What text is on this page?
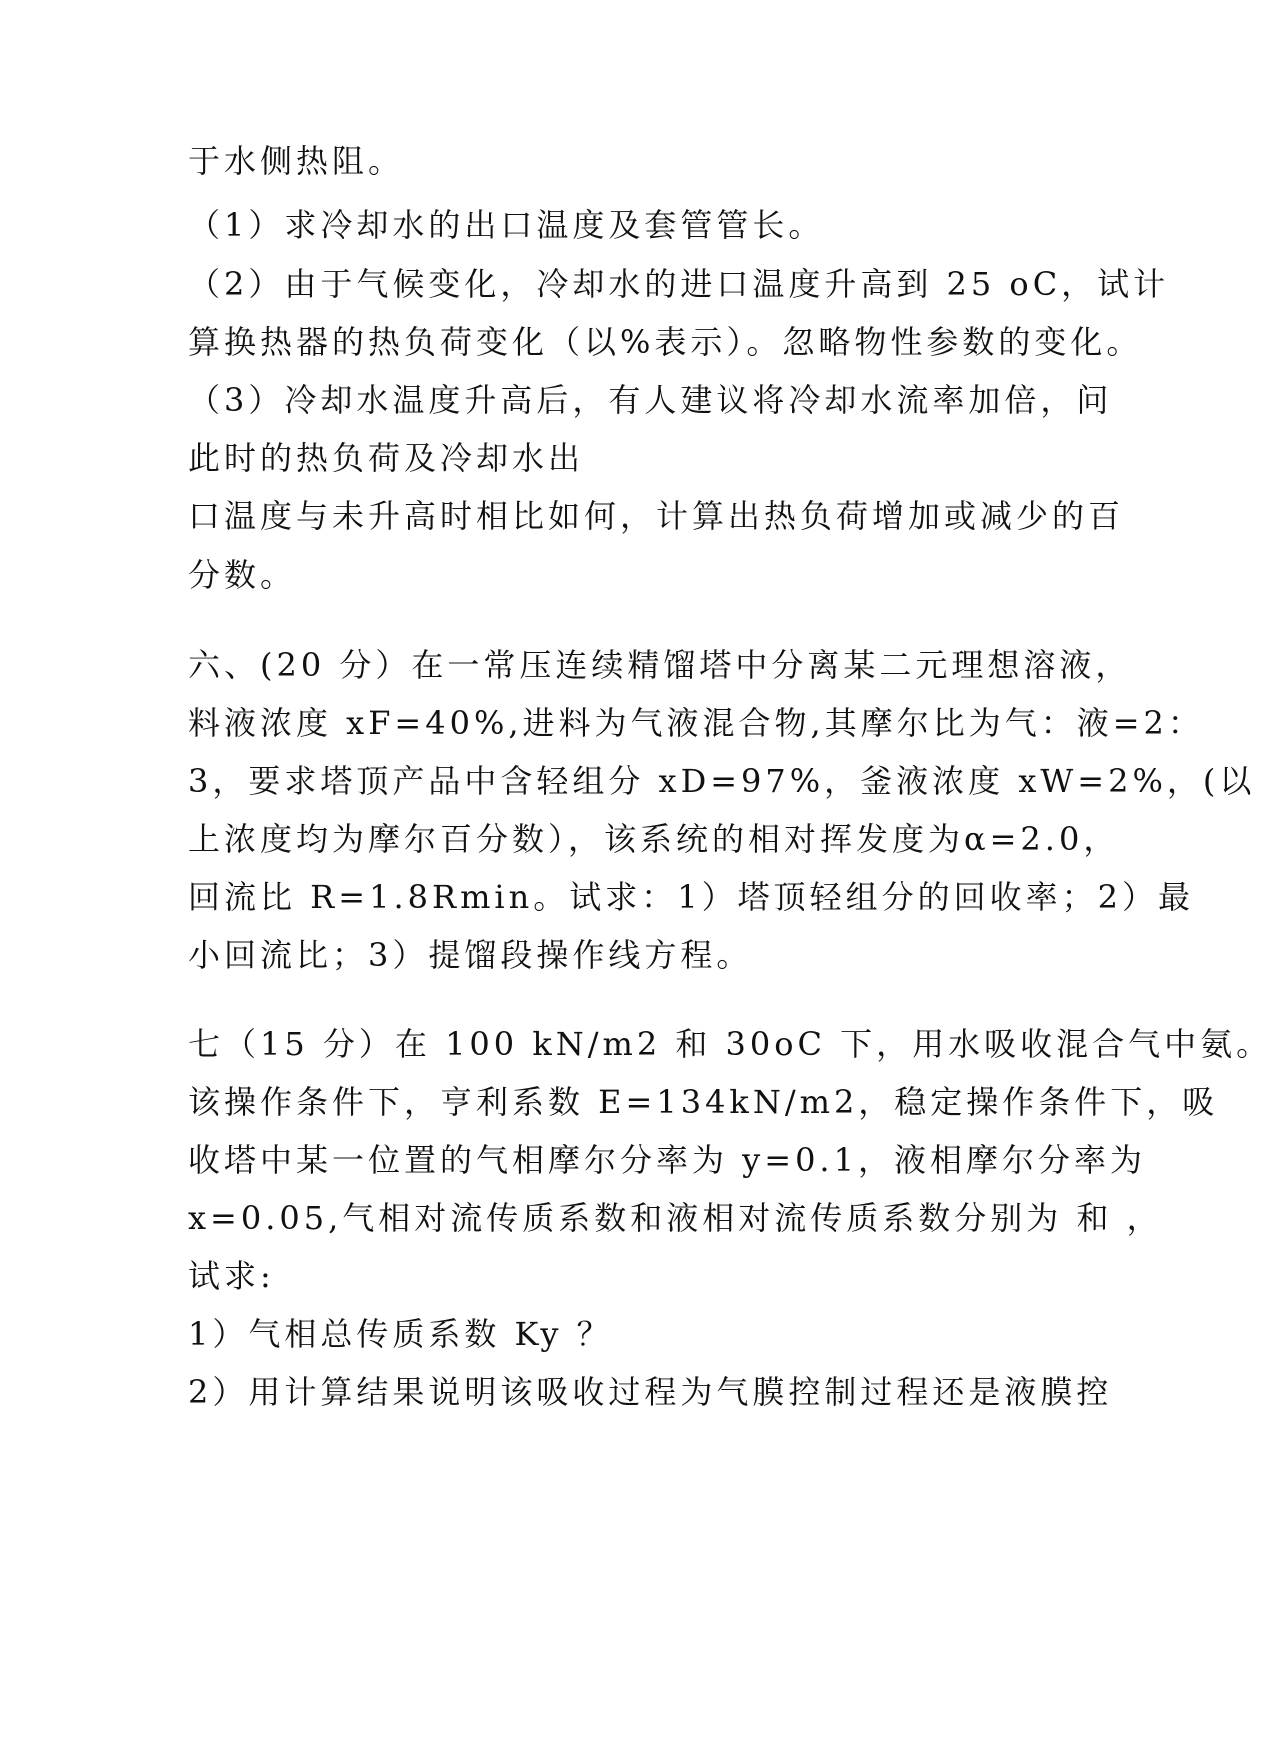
于水侧热阻。
（1）求冷却水的出口温度及套管管长。
（2）由于气候变化，冷却水的进口温度升高到 25 oC，试计
算换热器的热负荷变化（以%表示）。忽略物性参数的变化。
（3）冷却水温度升高后，有人建议将冷却水流率加倍，问
此时的热负荷及冷却水出
口温度与未升高时相比如何，计算出热负荷增加或减少的百
分数。
六、(20 分）在一常压连续精馏塔中分离某二元理想溶液，
料液浓度 xF=40%,进料为气液混合物,其摩尔比为气：液=2：
3，要求塔顶产品中含轻组分 xD=97%，釜液浓度 xW=2%，(以
上浓度均为摩尔百分数），该系统的相对挥发度为α=2.0，
回流比 R=1.8Rmin。试求：1）塔顶轻组分的回收率；2）最
小回流比；3）提馏段操作线方程。
七（15 分）在 100 kN/m2 和 30oC 下，用水吸收混合气中氨。
该操作条件下，亨利系数 E=134kN/m2，稳定操作条件下，吸
收塔中某一位置的气相摩尔分率为 y=0.1，液相摩尔分率为
x=0.05,气相对流传质系数和液相对流传质系数分别为 和 ，
试求:
1）气相总传质系数 Ky ？
2）用计算结果说明该吸收过程为气膜控制过程还是液膜控
